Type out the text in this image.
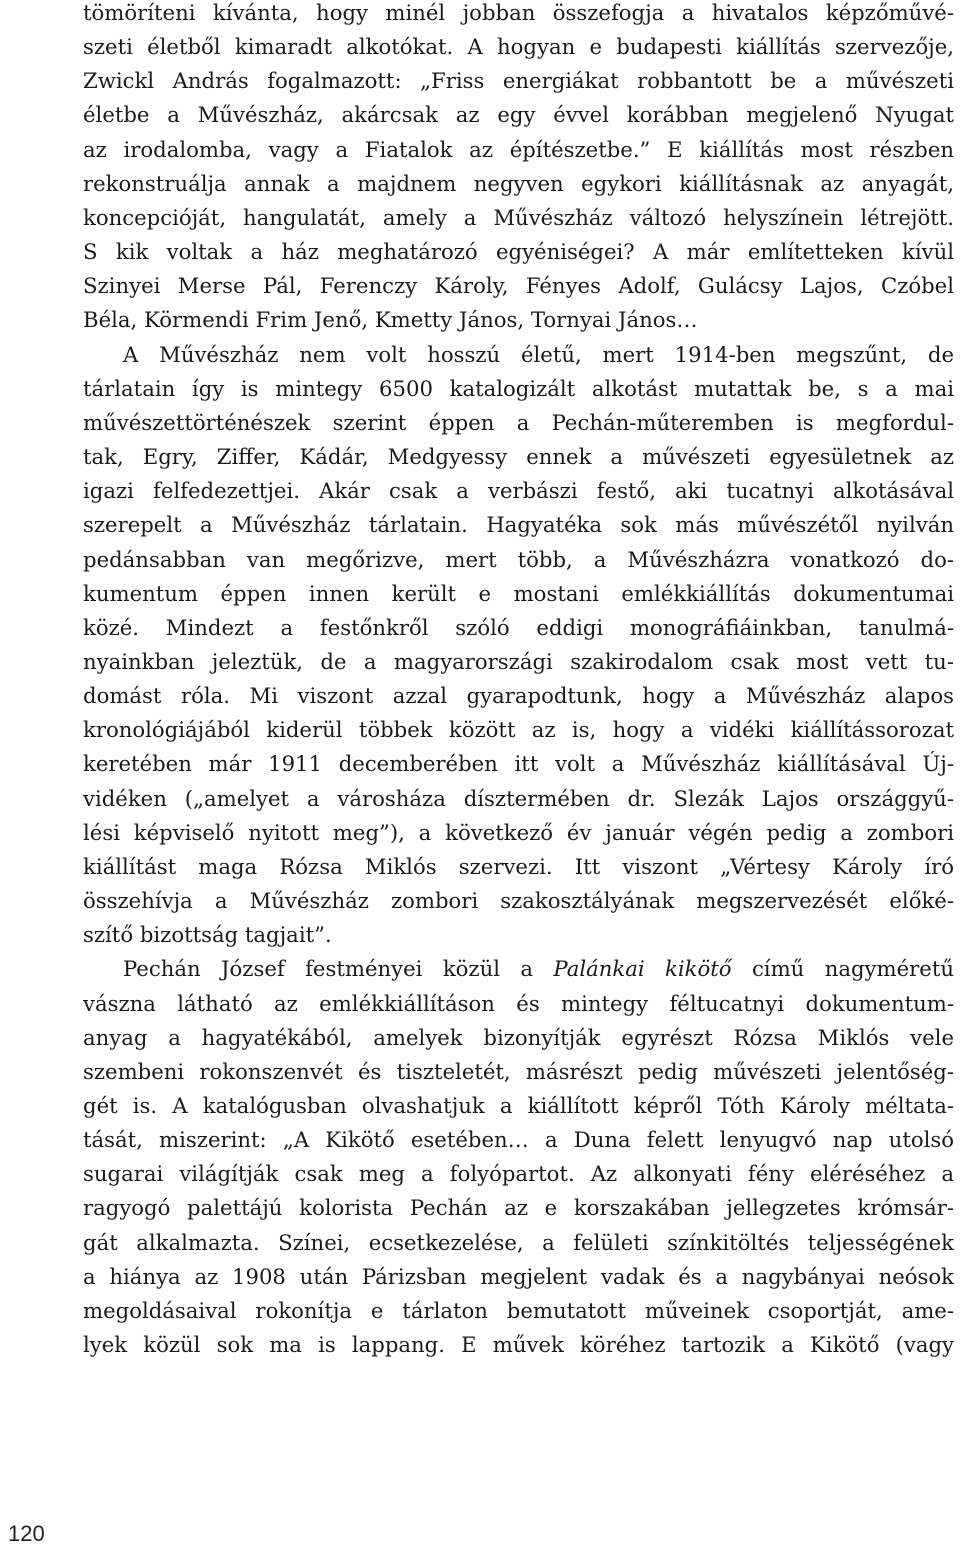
120
tömöríteni kívánta, hogy minél jobban összefogja a hivatalos képzőművé-
szeti életből kimaradt alkotókat. A hogyan e budapesti kiállítás szervezője,
Zwickl András fogalmazott: „Friss energiákat robbantott be a művészeti
életbe a Művészház, akárcsak az egy évvel korábban megjelenő Nyugat
az irodalomba, vagy a Fiatalok az építészetbe.” E kiállítás most részben
rekonstruálja annak a majdnem negyven egykori kiállításnak az anyagát,
koncepcióját, hangulatát, amely a Művészház változó helyszínein létrejött.
S kik voltak a ház meghatározó egyéniségei? A már említetteken kívül
Szinyei Merse Pál, Ferenczy Károly, Fényes Adolf, Gulácsy Lajos, Czóbel
Béla, Körmendi Frim Jenő, Kmetty János, Tornyai János…
A Művészház nem volt hosszú életű, mert 1914-ben megszűnt, de
tárlatain így is mintegy 6500 katalogizált alkotást mutattak be, s a mai
művészettörténészek szerint éppen a Pechán-műteremben is megfordul-
tak, Egry, Ziffer, Kádár, Medgyessy ennek a művészeti egyesületnek az
igazi felfedezettjei. Akár csak a verbászi festő, aki tucatnyi alkotásával
szerepelt a Művészház tárlatain. Hagyatéka sok más művészétől nyilván
pedánsabban van megőrizve, mert több, a Művészházra vonatkozó do-
kumentum éppen innen került e mostani emlékkiállítás dokumentumai
közé. Mindezt a festőnkről szóló eddigi monográfiáinkban, tanulmá-
nyainkban jeleztük, de a magyarországi szakirodalom csak most vett tu-
domást róla. Mi viszont azzal gyarapodtunk, hogy a Művészház alapos
kronológiájából kiderül többek között az is, hogy a vidéki kiállítássorozat
keretében már 1911 decemberében itt volt a Művészház kiállításával Új-
vidéken („amelyet a városháza dísztermében dr. Slezák Lajos országgyű-
lési képviselő nyitott meg”), a következő év január végén pedig a zombori
kiállítást maga Rózsa Miklós szervezi. Itt viszont „Vértesy Károly író
összehívja a Művészház zombori szakosztályának megszervezését előké-
szítő bizottság tagjait”.
Pechán József festményei közül a Palánkai kikötő című nagyméretű
vászna látható az emlékkiállításon és mintegy féltucatnyi dokumentum-
anyag a hagyatékából, amelyek bizonyítják egyrészt Rózsa Miklós vele
szembeni rokonszenvét és tiszteletét, másrészt pedig művészeti jelentőség-
gét is. A katalógusban olvashatjuk a kiállított képről Tóth Károly méltata-
tását, miszerint: „A Kikötő esetében… a Duna felett lenyugvó nap utolsó
sugarai világítják csak meg a folyópartot. Az alkonyati fény eléréséhez a
ragyogó palettájú kolorista Pechán az e korszakában jellegzetes krómsár-
gát alkalmazta. Színei, ecsetkezelése, a felületi színkitöltés teljességének
a hiánya az 1908 után Párizsban megjelent vadak és a nagybányai neósok
megoldásaival rokonítja e tárlaton bemutatott műveinek csoportját, ame-
lyek közül sok ma is lappang. E művek köréhez tartozik a Kikötő (vagy
